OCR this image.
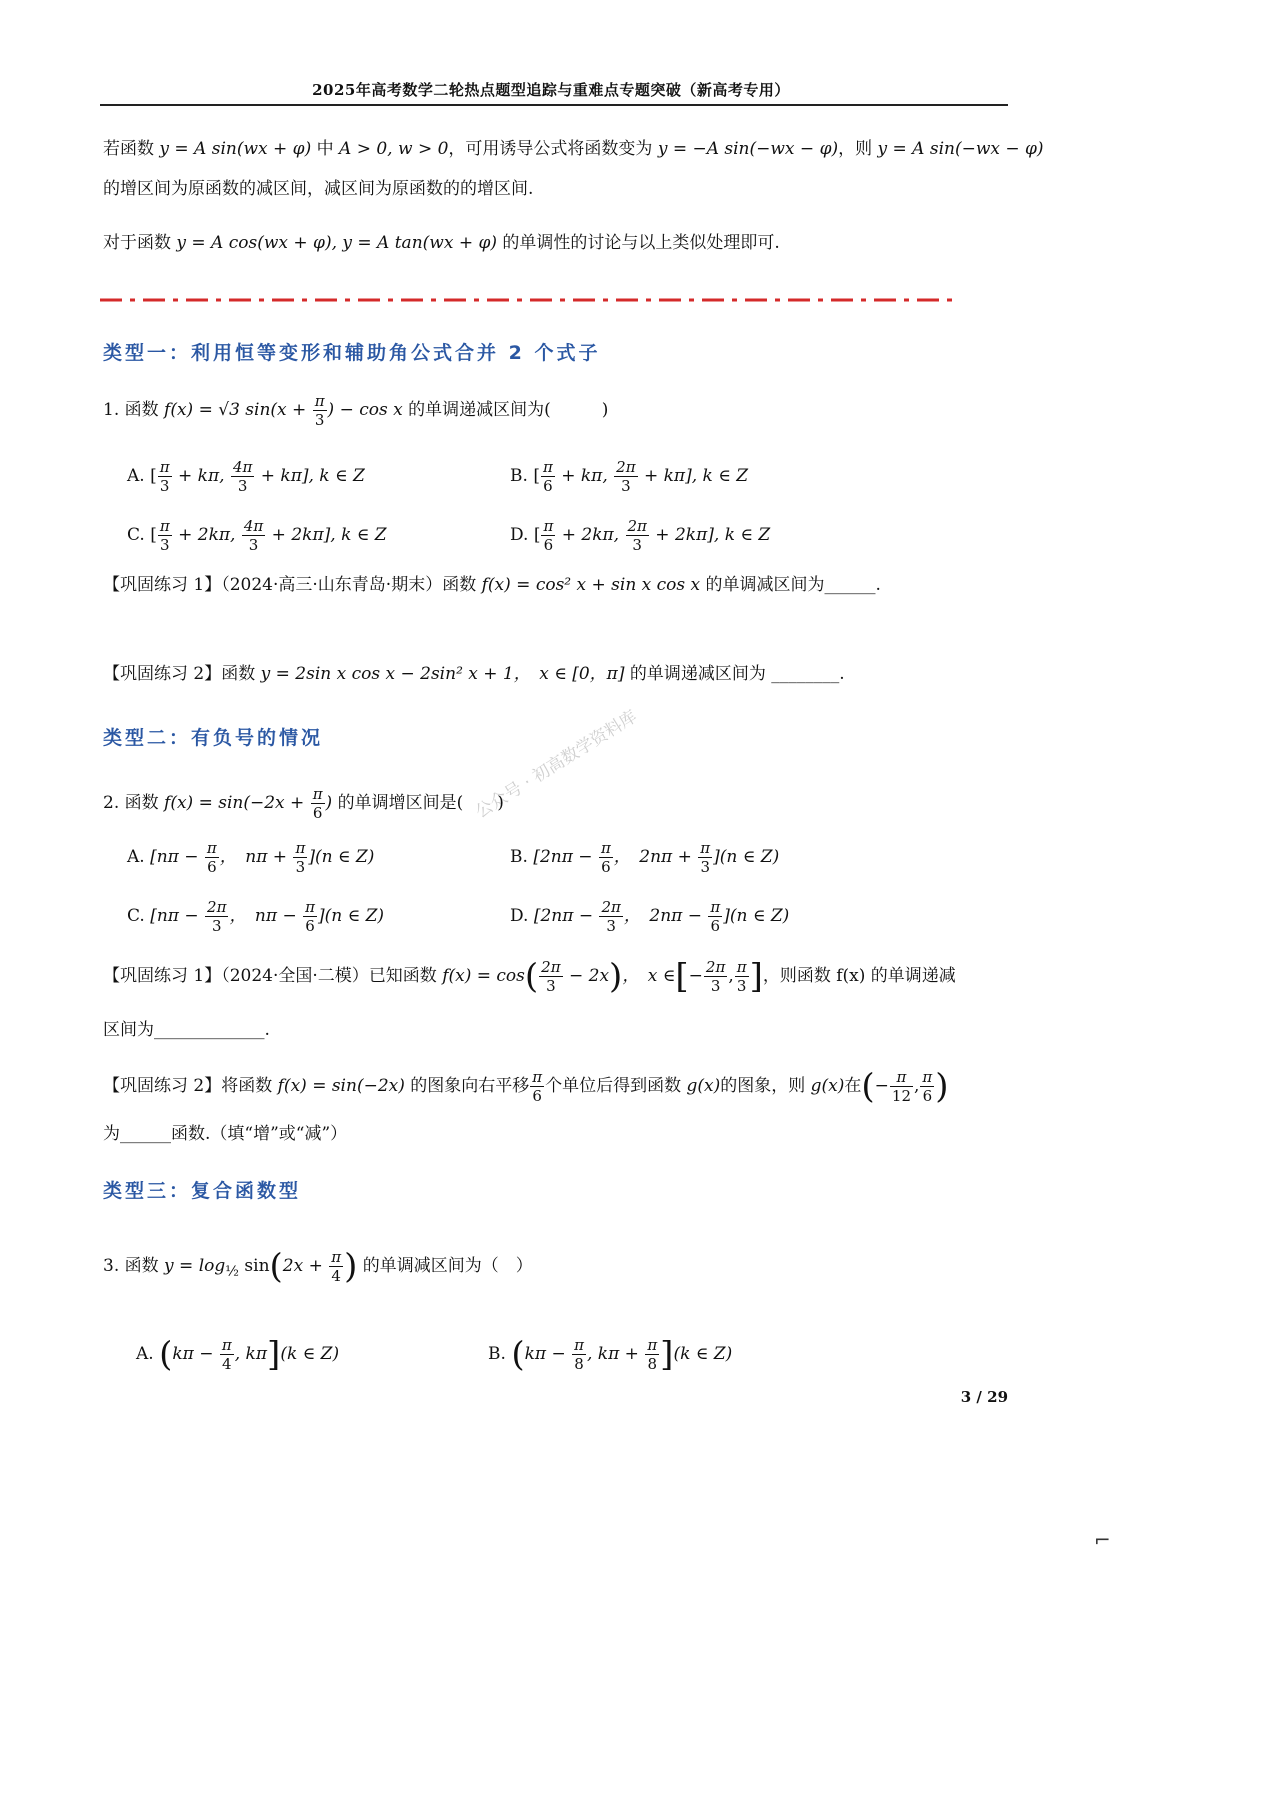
2025年高考数学二轮热点题型追踪与重难点专题突破（新高考专用）
若函数 y = A sin(wx + φ) 中 A > 0, w > 0，可用诱导公式将函数变为 y = −A sin(−wx − φ)，则 y = A sin(−wx − φ)
的增区间为原函数的减区间，减区间为原函数的的增区间.
对于函数 y = A cos(wx + φ), y = A tan(wx + φ) 的单调性的讨论与以上类似处理即可.
类型一：利用恒等变形和辅助角公式合并 2 个式子
1. 函数 f(x) = √3 $\sin(x + \frac{\pi}{3}$ ) − cos x 的单调递减区间为(　　　)
A. [ $\frac{\pi}{3} + k\pi$, $\frac{4\pi}{3} + k\pi$], k ∈ Z	B. [ $\frac{\pi}{6} + k\pi$, $\frac{2\pi}{3} + k\pi$], k ∈ Z
C. [ $\frac{\pi}{3} + 2k\pi$, $\frac{4\pi}{3} + 2k\pi$], k ∈ Z	D. [ $\frac{\pi}{6} + 2k\pi$, $\frac{2\pi}{3} + 2k\pi$], k ∈ Z
【巩固练习 1】（2024·高三·山东青岛·期末）函数 f(x) = cos² x + sin x cos x 的单调减区间为______.
【巩固练习 2】函数 y = 2sin x cos x − 2sin² x + 1，　x ∈ [0，π] 的单调递减区间为 ________.
类型二：有负号的情况	公众号 · 初高数学资料库
2. 函数 $f(x) = \sin(-2x + \frac{\pi}{6}$ ) 的单调增区间是(　　)
A. [$n\pi - \frac{\pi}{6}$ ，　$n\pi + \frac{\pi}{3} ](n$ ∈ Z)	B. [$2n\pi - \frac{\pi}{6}$ ，　$2n\pi + \frac{\pi}{3} ](n$ ∈ Z)
C. [$n\pi - \frac{2\pi}{3}$ ，　$n\pi - \frac{\pi}{6} ](n$ ∈ Z)	D. [$2n\pi - \frac{2\pi}{3}$ ，　$2n\pi - \frac{\pi}{6} ](n$ ∈ Z)
【巩固练习 1】（2024·全国·二模）已知函数 $f(x) = \cos( \frac{2\pi}{3} - 2x)$，　x ∈[− $\frac{2\pi}{3}$ , $\frac{\pi}{3}$ ]，则函数 f(x) 的单调递减
区间为_____________.
【巩固练习 2】将函数 f(x) = sin(−2x) 的图象向右平移 $\frac{\pi}{6}$ 个单位后得到函数 g(x)的图象，则 g(x)在(− $\frac{\pi}{12}$ , $\frac{\pi}{6}$ )
为______函数.（填“增”或“减”）
类型三：复合函数型
3. 函数 $y = \log_{\frac{1}{2}} \sin(2x + \frac{\pi}{4}$ ) 的单调减区间为（　）
A. ($k\pi - \frac{\pi}{4}$ , kπ](k ∈ Z)	B. ($k\pi - \frac{\pi}{8}$ , $k\pi + \frac{\pi}{8} ](k$ ∈ Z)
3 / 29
⌐
